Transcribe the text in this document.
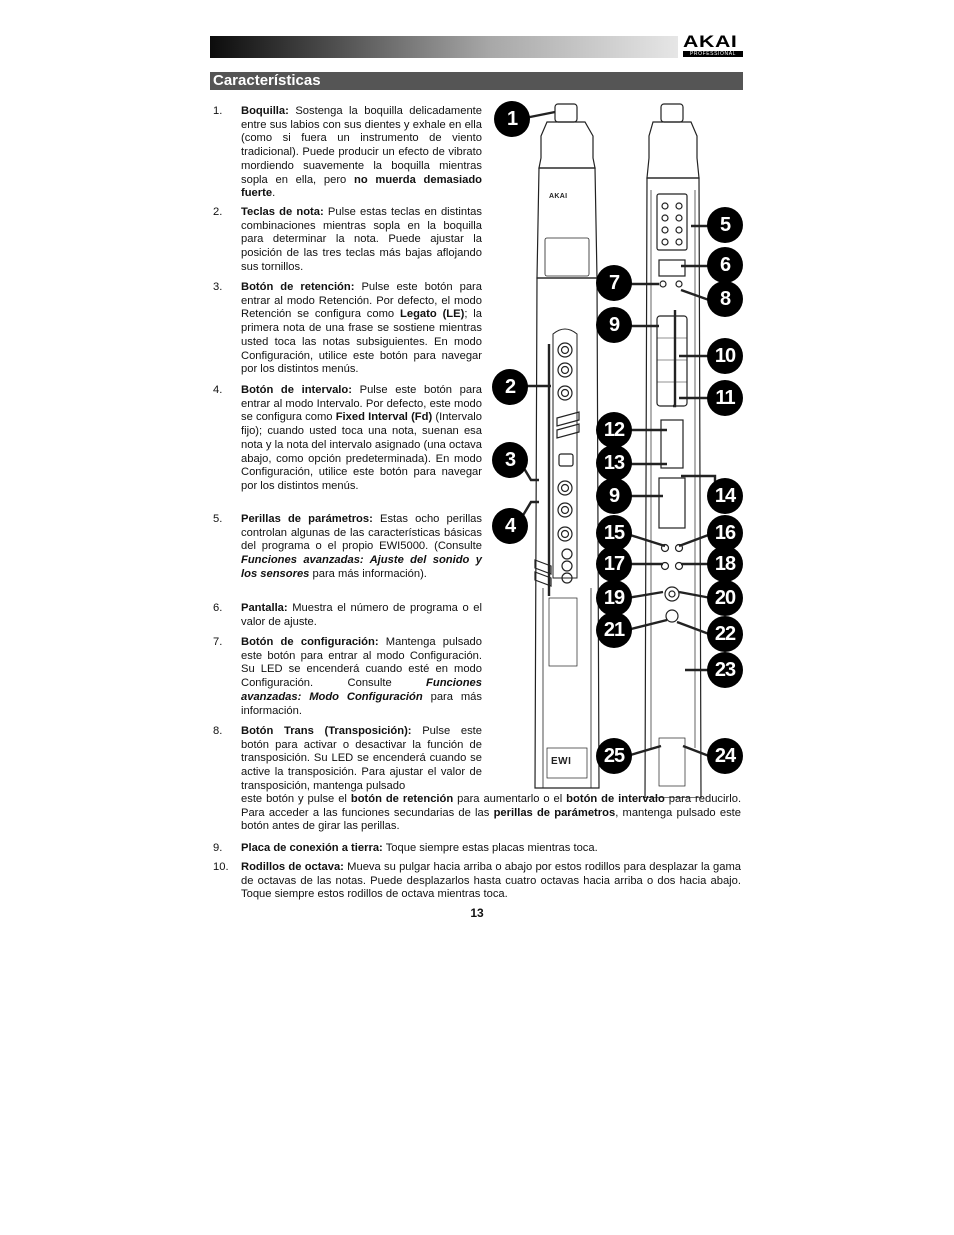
AKAI
PROFESSIONAL
Características
1. Boquilla: Sostenga la boquilla delicadamente entre sus labios con sus dientes y exhale en ella (como si fuera un instrumento de viento tradicional). Puede producir un efecto de vibrato mordiendo suavemente la boquilla mientras sopla en ella, pero no muerda demasiado fuerte.
2. Teclas de nota: Pulse estas teclas en distintas combinaciones mientras sopla en la boquilla para determinar la nota. Puede ajustar la posición de las tres teclas más bajas aflojando sus tornillos.
3. Botón de retención: Pulse este botón para entrar al modo Retención. Por defecto, el modo Retención se configura como Legato (LE); la primera nota de una frase se sostiene mientras usted toca las notas subsiguientes. En modo Configuración, utilice este botón para navegar por los distintos menús.
4. Botón de intervalo: Pulse este botón para entrar al modo Intervalo. Por defecto, este modo se configura como Fixed Interval (Fd) (Intervalo fijo); cuando usted toca una nota, suenan esa nota y la nota del intervalo asignado (una octava abajo, como opción predeterminada). En modo Configuración, utilice este botón para navegar por los distintos menús.
5. Perillas de parámetros: Estas ocho perillas controlan algunas de las características básicas del programa o el propio EWI5000. (Consulte Funciones avanzadas: Ajuste del sonido y los sensores para más información).
6. Pantalla: Muestra el número de programa o el valor de ajuste.
7. Botón de configuración: Mantenga pulsado este botón para entrar al modo Configuración. Su LED se encenderá cuando esté en modo Configuración. Consulte	Funciones avanzadas: Modo Configuración para más información.
8. Botón Trans (Transposición): Pulse este botón para activar o desactivar la función de transposición. Su LED se encenderá cuando se active la transposición. Para ajustar el valor de transposición, mantenga pulsado
este botón y pulse el botón de retención para aumentarlo o el botón de intervalo para reducirlo. Para acceder a las funciones secundarias de las perillas de parámetros, mantenga pulsado este botón antes de girar las perillas.
9. Placa de conexión a tierra: Toque siempre estas placas mientras toca.
10. Rodillos de octava: Mueva su pulgar hacia arriba o abajo por estos rodillos para desplazar la gama de octavas de las notas. Puede desplazarlos hasta cuatro octavas hacia arriba o dos hacia abajo. Toque siempre estos rodillos de octava mientras toca.
13
AKAI
EWI
1
2
3
4
5
6
7
8
9
10
11
12
13
9	14
15	16
17	18
19	20
21	22
23
25	24
